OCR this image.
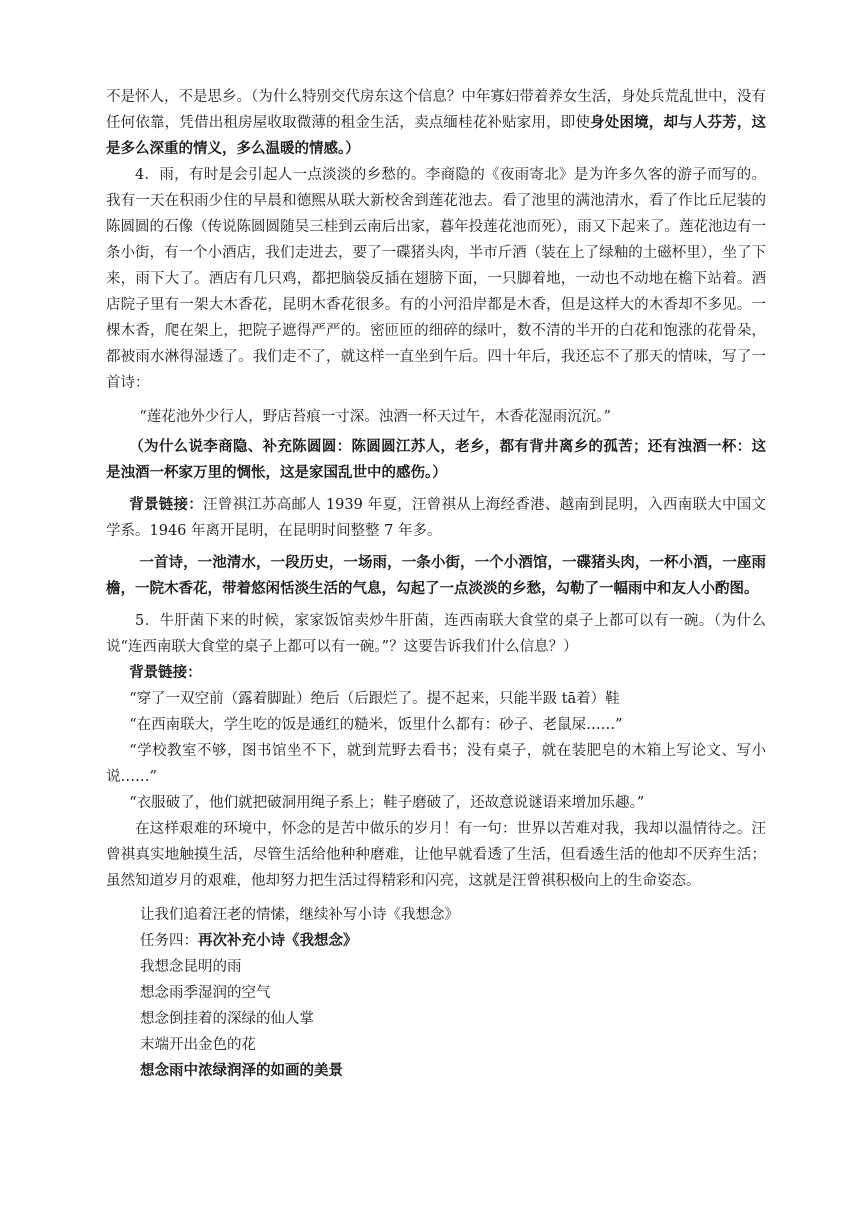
不是怀人，不是思乡。（为什么特别交代房东这个信息？中年寡妇带着养女生活，身处兵荒乱世中，没有任何依靠，凭借出租房屋收取微薄的租金生活，卖点缅桂花补贴家用，即使身处困境，却与人芬芳，这是多么深重的情义，多么温暖的情感。）

4．雨，有时是会引起人一点淡淡的乡愁的。李商隐的《夜雨寄北》是为许多久客的游子而写的。我有一天在积雨少住的早晨和德熙从联大新校舍到莲花池去。看了池里的满池清水，看了作比丘尼装的陈圆圆的石像（传说陈圆圆随吴三桂到云南后出家，暮年投莲花池而死），雨又下起来了。莲花池边有一条小街，有一个小酒店，我们走进去，要了一碟猪头肉，半市斤酒（装在上了绿釉的土磁杯里），坐了下来，雨下大了。酒店有几只鸡，都把脑袋反插在翅膀下面，一只脚着地，一动也不动地在檐下站着。酒店院子里有一架大木香花，昆明木香花很多。有的小河沿岸都是木香，但是这样大的木香却不多见。一棵木香，爬在架上，把院子遮得严严的。密匝匝的细碎的绿叶，数不清的半开的白花和饱涨的花骨朵，都被雨水淋得湿透了。我们走不了，就这样一直坐到午后。四十年后，我还忘不了那天的情味，写了一首诗：

“莲花池外少行人，野店苔痕一寸深。浊酒一杯天过午，木香花湿雨沉沉。”

（为什么说李商隐、补充陈圆圆：陈圆圆江苏人，老乡，都有背井离乡的孤苦；还有浊酒一杯：这是浊酒一杯家万里的惆怅，这是家国乱世中的感伤。）

背景链接：汪曾祺江苏高邮人 1939 年夏，汪曾祺从上海经香港、越南到昆明，入西南联大中国文学系。1946 年离开昆明，在昆明时间整整 7 年多。

一首诗，一池清水，一段历史，一场雨，一条小街，一个小酒馆，一碟猪头肉，一杯小酒，一座雨檐，一院木香花，带着悠闲恬淡生活的气息，勾起了一点淡淡的乡愁，勾勒了一幅雨中和友人小酌图。

5．牛肝菌下来的时候，家家饭馆卖炒牛肝菌，连西南联大食堂的桌子上都可以有一碗。（为什么说“连西南联大食堂的桌子上都可以有一碗。”？这要告诉我们什么信息？）

背景链接：

“穿了一双空前（露着脚趾）绝后（后跟烂了。提不起来，只能半趿 tā着）鞋

“在西南联大，学生吃的饭是通红的糙米，饭里什么都有：砂子、老鼠屎……”

“学校教室不够，图书馆坐不下，就到荒野去看书；没有桌子，就在装肥皂的木箱上写论文、写小说……”

“衣服破了，他们就把破洞用绳子系上；鞋子磨破了，还故意说谜语来增加乐趣。”

在这样艰难的环境中，怀念的是苦中做乐的岁月！有一句：世界以苦难对我，我却以温情待之。汪曾祺真实地触摸生活，尽管生活给他种种磨难，让他早就看透了生活，但看透生活的他却不厌弃生活；虽然知道岁月的艰难，他却努力把生活过得精彩和闪亮，这就是汪曾祺积极向上的生命姿态。

让我们追着汪老的情愫，继续补写小诗《我想念》

任务四：再次补充小诗《我想念》

我想念昆明的雨

想念雨季湿润的空气

想念倒挂着的深绿的仙人掌

末端开出金色的花

想念雨中浓绿润泽的如画的美景
